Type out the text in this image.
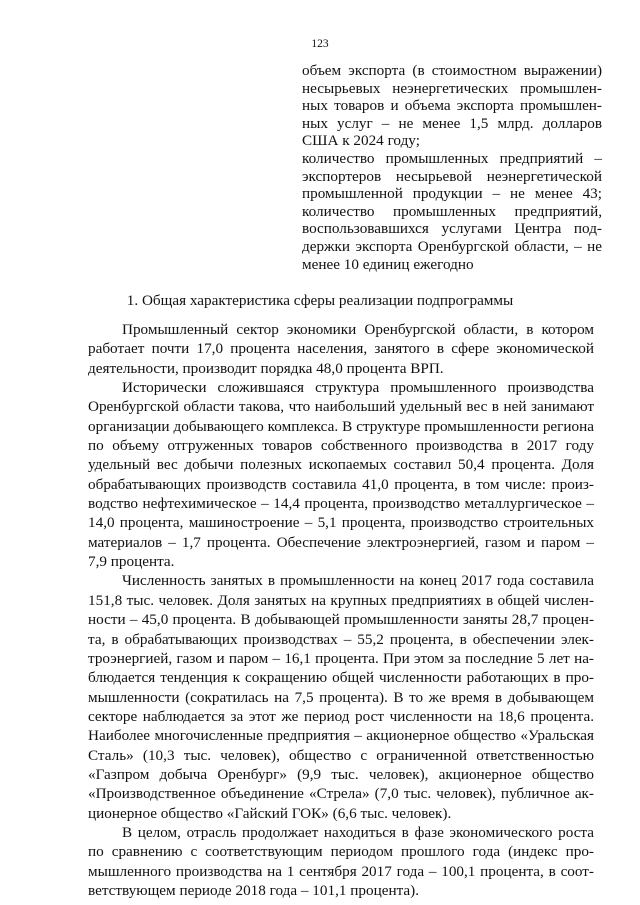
123
объем экспорта (в стоимостном выражении)
несырьевых неэнергетических промышлен-
ных товаров и объема экспорта промышлен-
ных услуг – не менее 1,5 млрд. долларов
США к 2024 году;
количество промышленных предприятий –
экспортеров несырьевой неэнергетической
промышленной продукции – не менее 43;
количество промышленных предприятий,
воспользовавшихся услугами Центра под-
держки экспорта Оренбургской области, – не
менее 10 единиц ежегодно
1. Общая характеристика сферы реализации подпрограммы
Промышленный сектор экономики Оренбургской области, в котором
работает почти 17,0 процента населения, занятого в сфере экономической
деятельности, производит порядка 48,0 процента ВРП.
Исторически сложившаяся структура промышленного производства
Оренбургской области такова, что наибольший удельный вес в ней занимают
организации добывающего комплекса. В структуре промышленности региона
по объему отгруженных товаров собственного производства в 2017 году
удельный вес добычи полезных ископаемых составил 50,4 процента. Доля
обрабатывающих производств составила 41,0 процента, в том числе: произ-
водство нефтехимическое – 14,4 процента, производство металлургическое –
14,0 процента, машиностроение – 5,1 процента, производство строительных
материалов – 1,7 процента. Обеспечение электроэнергией, газом и паром –
7,9 процента.
Численность занятых в промышленности на конец 2017 года составила
151,8 тыс. человек. Доля занятых на крупных предприятиях в общей числен-
ности – 45,0 процента. В добывающей промышленности заняты 28,7 процен-
та, в обрабатывающих производствах – 55,2 процента, в обеспечении элек-
троэнергией, газом и паром – 16,1 процента. При этом за последние 5 лет на-
блюдается тенденция к сокращению общей численности работающих в про-
мышленности (сократилась на 7,5 процента). В то же время в добывающем
секторе наблюдается за этот же период рост численности на 18,6 процента.
Наиболее многочисленные предприятия – акционерное общество «Уральская
Сталь» (10,3 тыс. человек), общество с ограниченной ответственностью
«Газпром добыча Оренбург» (9,9 тыс. человек), акционерное общество
«Производственное объединение «Стрела» (7,0 тыс. человек), публичное ак-
ционерное общество «Гайский ГОК» (6,6 тыс. человек).
В целом, отрасль продолжает находиться в фазе экономического роста
по сравнению с соответствующим периодом прошлого года (индекс про-
мышленного производства на 1 сентября 2017 года – 100,1 процента, в соот-
ветствующем периоде 2018 года – 101,1 процента).
